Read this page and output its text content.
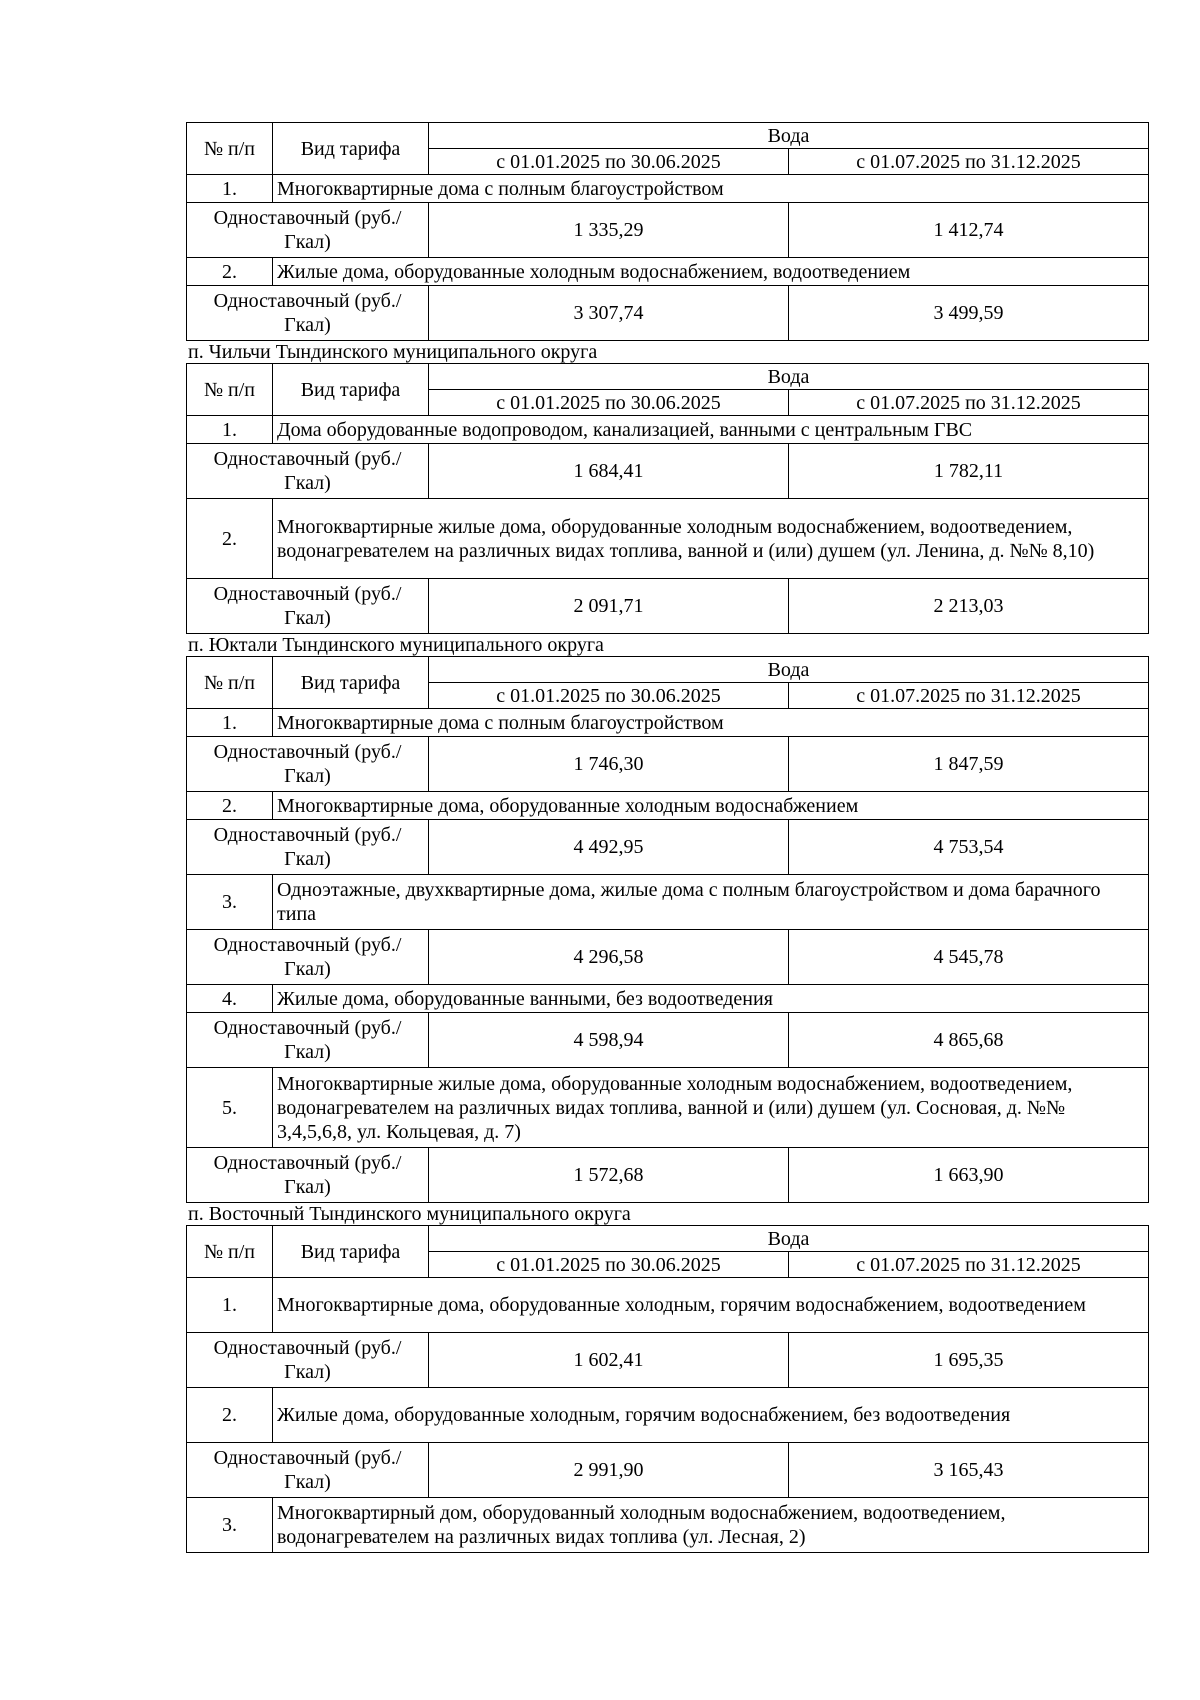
№ п/п	Вид тарифа	Вода	
		с 01.01.2025 по 30.06.2025	с 01.07.2025 по 31.12.2025
1.	Многоквартирные дома с полным благоустройством		
Одноставочный (руб./Гкал)		1 335,29	1 412,74
2.	Жилые дома, оборудованные холодным водоснабжением, водоотведением		
Одноставочный (руб./Гкал)		3 307,74	3 499,59
п. Чильчи Тындинского муниципального округа
№ п/п	Вид тарифа	Вода	
		с 01.01.2025 по 30.06.2025	с 01.07.2025 по 31.12.2025
1.	Дома оборудованные водопроводом, канализацией, ванными с центральным ГВС		
Одноставочный (руб./Гкал)		1 684,41	1 782,11
2.	Многоквартирные жилые дома, оборудованные холодным водоснабжением, водоотведением, водонагревателем на различных видах топлива, ванной и (или) душем (ул. Ленина, д. №№ 8,10)		
Одноставочный (руб./Гкал)		2 091,71	2 213,03
п. Юктали Тындинского муниципального округа
№ п/п	Вид тарифа	Вода	
		с 01.01.2025 по 30.06.2025	с 01.07.2025 по 31.12.2025
1.	Многоквартирные дома с полным благоустройством		
Одноставочный (руб./Гкал)		1 746,30	1 847,59
2.	Многоквартирные дома, оборудованные холодным водоснабжением		
Одноставочный (руб./Гкал)		4 492,95	4 753,54
3.	Одноэтажные, двухквартирные дома, жилые дома с полным благоустройством и дома барачного типа		
Одноставочный (руб./Гкал)		4 296,58	4 545,78
4.	Жилые дома, оборудованные ванными, без водоотведения		
Одноставочный (руб./Гкал)		4 598,94	4 865,68
5.	Многоквартирные жилые дома, оборудованные холодным водоснабжением, водоотведением, водонагревателем на различных видах топлива, ванной и (или) душем (ул. Сосновая, д. №№ 3,4,5,6,8, ул. Кольцевая, д. 7)		
Одноставочный (руб./Гкал)		1 572,68	1 663,90
п. Восточный Тындинского муниципального округа
№ п/п	Вид тарифа	Вода	
		с 01.01.2025 по 30.06.2025	с 01.07.2025 по 31.12.2025
1.	Многоквартирные дома, оборудованные холодным, горячим водоснабжением, водоотведением		
Одноставочный (руб./Гкал)		1 602,41	1 695,35
2.	Жилые дома, оборудованные холодным, горячим водоснабжением, без водоотведения		
Одноставочный (руб./Гкал)		2 991,90	3 165,43
3.	Многоквартирный дом, оборудованный холодным водоснабжением, водоотведением, водонагревателем на различных видах топлива (ул. Лесная, 2)		
